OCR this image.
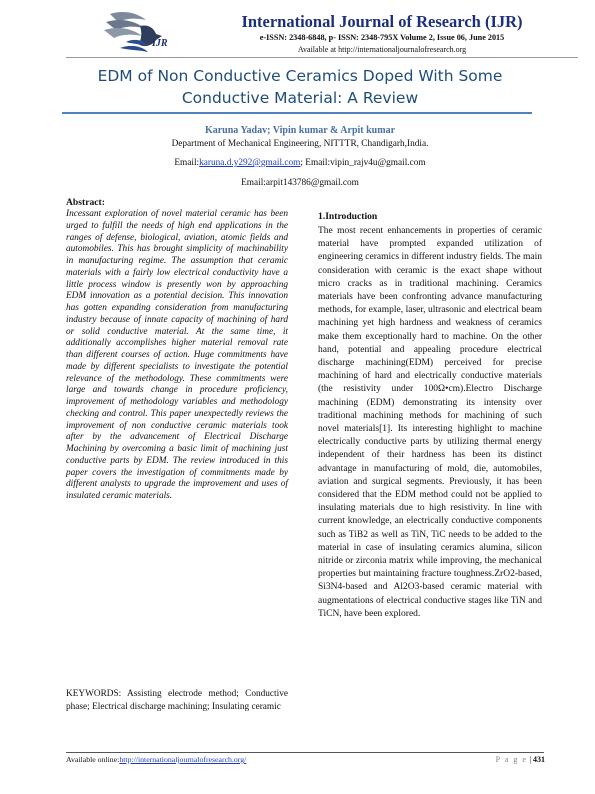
IJR
International Journal of Research (IJR)
e-ISSN: 2348-6848, p- ISSN: 2348-795X Volume 2, Issue 06, June 2015
Available at http://internationaljournalofresearch.org
EDM of Non Conductive Ceramics Doped With Some
Conductive Material: A Review
Karuna Yadav; Vipin kumar & Arpit kumar
Department of Mechanical Engineering, NITTTR, Chandigarh,India.
Email:karuna.d.y292@gmail.com; Email:vipin_rajv4u@gmail.com
Email:arpit143786@gmail.com
Abstract:
Incessant exploration of novel material ceramic has been urged to fulfill the needs of high end applications in the ranges of defense, biological, aviation, atomic fields and automobiles. This has brought simplicity of machinability in manufacturing regime. The assumption that ceramic materials with a fairly low electrical conductivity have a little process window is presently won by approaching EDM innovation as a potential decision. This innovation has gotten expanding consideration from manufacturing industry because of innate capacity of machining of hard or solid conductive material. At the same time, it additionally accomplishes higher material removal rate than different courses of action. Huge commitments have made by different specialists to investigate the potential relevance of the methodology. These commitments were large and towards change in procedure proficiency, improvement of methodology variables and methodology checking and control. This paper unexpectedly reviews the improvement of non conductive ceramic materials took after by the advancement of Electrical Discharge Machining by overcoming a basic limit of machining just conductive parts by EDM. The review introduced in this paper covers the investigation of commitments made by different analysts to upgrade the improvement and uses of insulated ceramic materials.
KEYWORDS: Assisting electrode method; Conductive phase; Electrical discharge machining; Insulating ceramic
1.Introduction
The most recent enhancements in properties of ceramic material have prompted expanded utilization of engineering ceramics in different industry fields. The main consideration with ceramic is the exact shape without micro cracks as in traditional machining. Ceramics materials have been confronting advance manufacturing methods, for example, laser, ultrasonic and electrical beam machining yet high hardness and weakness of ceramics make them exceptionally hard to machine. On the other hand, potential and appealing procedure electrical discharge machining(EDM) perceived for precise machining of hard and electrically conductive materials (the resistivity under 100Ω•cm).Electro Discharge machining (EDM) demonstrating its intensity over traditional machining methods for machining of such novel materials[1]. Its interesting highlight to machine electrically conductive parts by utilizing thermal energy independent of their hardness has been its distinct advantage in manufacturing of mold, die, automobiles, aviation and surgical segments. Previously, it has been considered that the EDM method could not be applied to insulating materials due to high resistivity. In line with current knowledge, an electrically conductive components such as TiB2 as well as TiN, TiC needs to be added to the material in case of insulating ceramics alumina, silicon nitride or zirconia matrix while improving, the mechanical properties but maintaining fracture toughness.ZrO2-based, Si3N4-based and Al2O3-based ceramic material with augmentations of electrical conductive stages like TiN and TiCN, have been explored.
Available online:http://internationaljournalofresearch.org/	P a g e | 431
